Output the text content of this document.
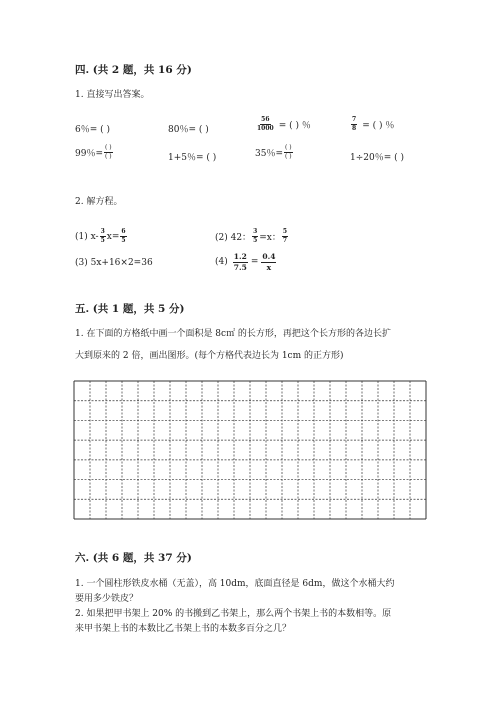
四. (共 2 题，共 16 分)
1. 直接写出答案。
6％= ( )	80％= ( )	$\frac{56}{1000}$ = ( ) ％	$\frac{7}{8}$ = ( ) ％
99％= $\frac{( )}{( )}$	1+5％= ( )	35％= $\frac{( )}{( )}$	1÷20％= ( )
2. 解方程。
(1) $x- \frac{3}{5} x= \frac{6}{5}$	(2) 42： $\frac{3}{5} =x$： $\frac{5}{7}$
(3) 5x+16×2=36	$(4) \frac{1.2}{7.5} = \frac{0.4}{x}$
五. (共 1 题，共 5 分)
1. 在下面的方格纸中画一个面积是 8c㎡ 的长方形，再把这个长方形的各边长扩
大到原来的 2 倍，画出图形。(每个方格代表边长为 1cm 的正方形)
六. (共 6 题，共 37 分)
1. 一个圆柱形铁皮水桶（无盖），高 10dm，底面直径是 6dm，做这个水桶大约
要用多少铁皮？
2. 如果把甲书架上 20% 的书搬到乙书架上，那么两个书架上书的本数相等。原
来甲书架上书的本数比乙书架上书的本数多百分之几？
